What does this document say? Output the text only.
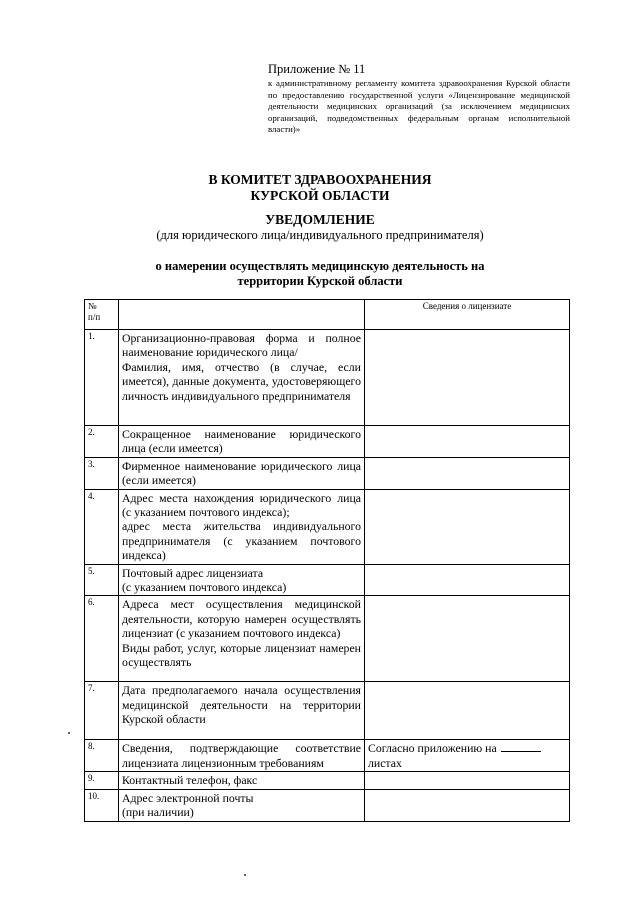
Приложение № 11
к административному регламенту комитета здравоохранения Курской области по предоставлению государственной услуги «Лицензирование медицинской деятельности медицинских организаций (за исключением медицинских организаций, подведомственных федеральным органам исполнительной власти)»
В КОМИТЕТ ЗДРАВООХРАНЕНИЯ
КУРСКОЙ ОБЛАСТИ
УВЕДОМЛЕНИЕ
(для юридического лица/индивидуального предпринимателя)
о намерении осуществлять медицинскую деятельность на
территории Курской области
№
п/п		Сведения о лицензиате
1.	Организационно-правовая форма и полное наименование юридического лица/
Фамилия, имя, отчество (в случае, если имеется), данные документа, удостоверяющего личность индивидуального предпринимателя	

2.	Сокращенное наименование юридического лица (если имеется)	

3.	Фирменное наименование юридического лица (если имеется)	

4.	Адрес места нахождения юридического лица (с указанием почтового индекса);
адрес места жительства индивидуального предпринимателя (с указанием почтового индекса)	

5.	Почтовый адрес лицензиата
(с указанием почтового индекса)	

6.	Адреса мест осуществления медицинской деятельности, которую намерен осуществлять лицензиат (с указанием почтового индекса)
Виды работ, услуг, которые лицензиат намерен осуществлять	

7.	Дата предполагаемого начала осуществления медицинской деятельности на территории Курской области	

8.	Сведения, подтверждающие соответствие лицензиата лицензионным требованиям	Согласно приложению на
листах

9.	Контактный телефон, факс	

10.	Адрес электронной почты
(при наличии)	
